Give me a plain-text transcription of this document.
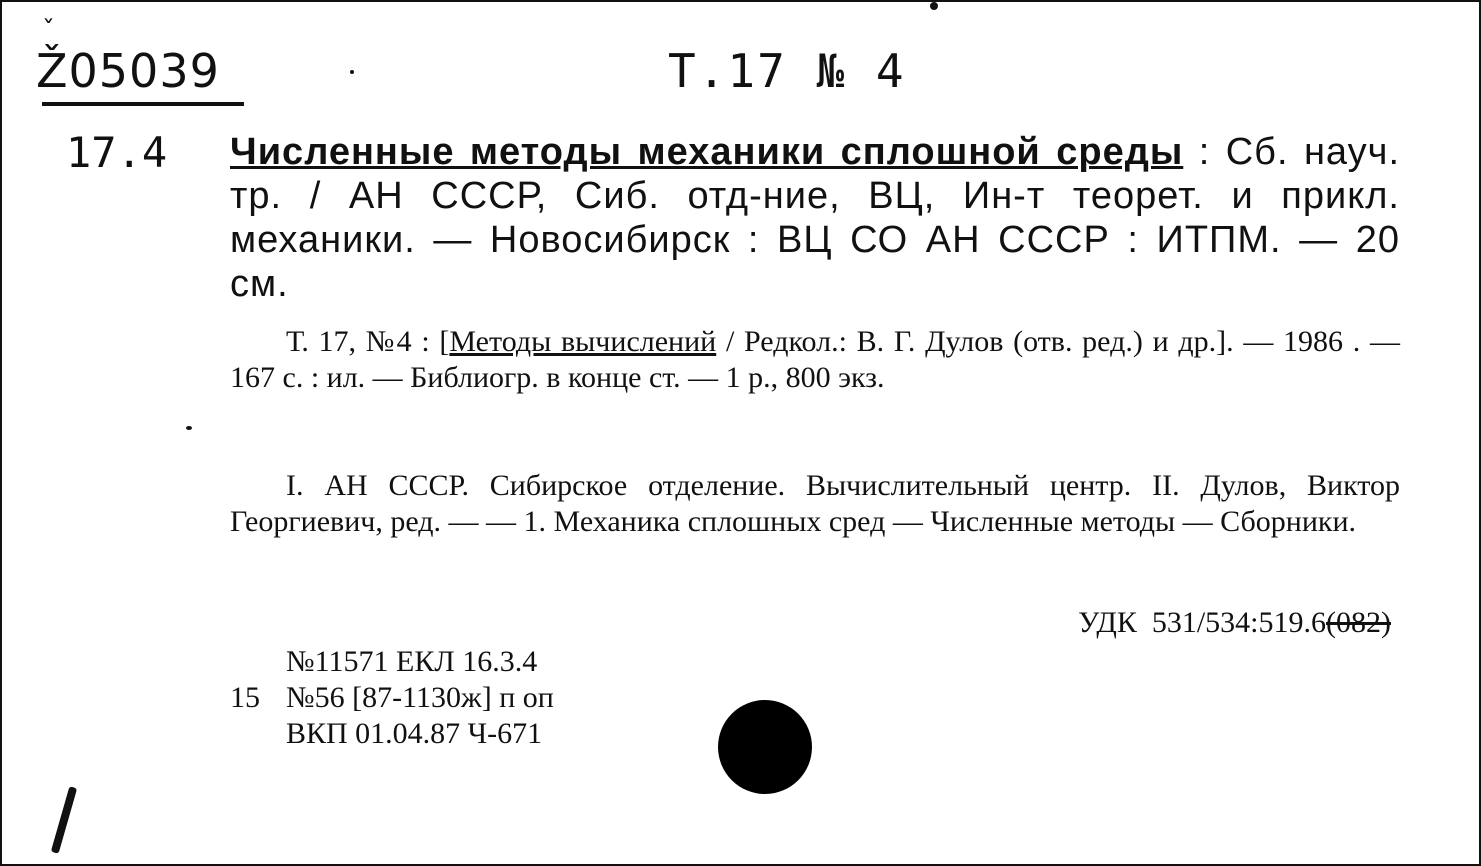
ˇ
Ž05039	Т.17 № 4
17.4 Численные методы механики сплошной среды : Сб. науч. тр. / АН СССР, Сиб. отд-ние, ВЦ, Ин-т теорет. и прикл. механики. — Новосибирск : ВЦ СО АН СССР : ИТПМ. — 20 см.
Т. 17, №4 : [Методы вычислений / Редкол.: В. Г. Дулов (отв. ред.) и др.]. — 1986 . — 167 с. : ил. — Библиогр. в конце ст. — 1 р., 800 экз.
I. АН СССР. Сибирское отделение. Вычислительный центр. II. Дулов, Виктор Георгиевич, ред. — — 1. Механика сплошных сред — Численные методы — Сборники.
УДК 531/534:519.6(082)
№11571 ЕКЛ 16.3.4
15 №56 [87-1130ж] п оп
ВКП 01.04.87 Ч-671
